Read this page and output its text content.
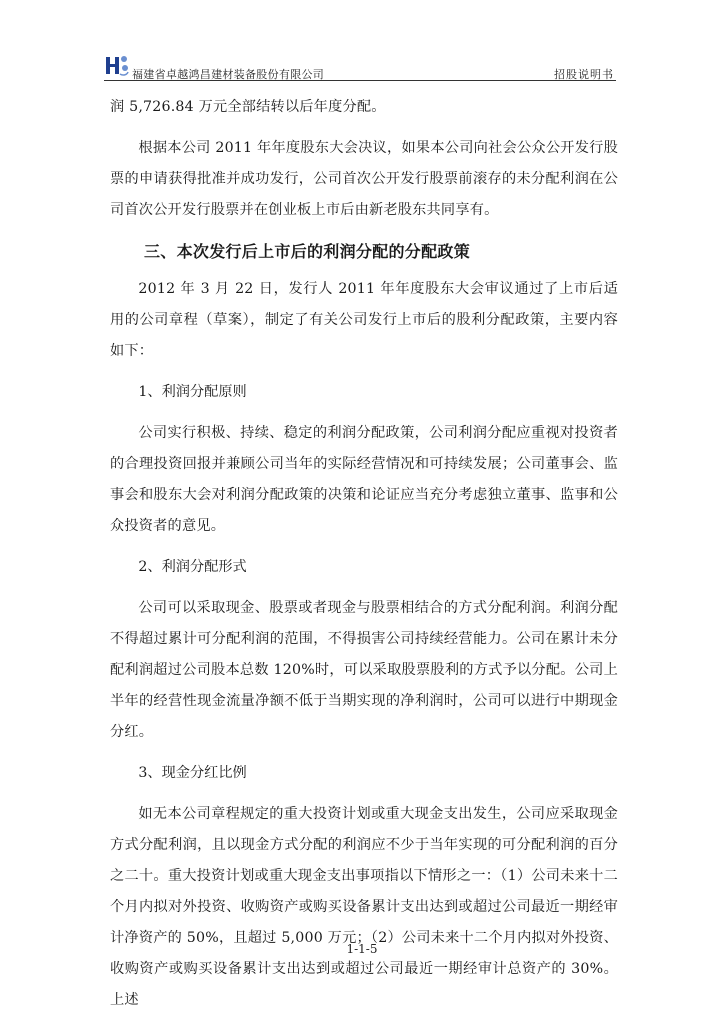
福建省卓越鸿昌建材装备股份有限公司	招股说明书

润 5,726.84 万元全部结转以后年度分配。

根据本公司 2011 年年度股东大会决议，如果本公司向社会公众公开发行股票的申请获得批准并成功发行，公司首次公开发行股票前滚存的未分配利润在公司首次公开发行股票并在创业板上市后由新老股东共同享有。

三、本次发行后上市后的利润分配的分配政策

2012 年 3 月 22 日，发行人 2011 年年度股东大会审议通过了上市后适用的公司章程（草案），制定了有关公司发行上市后的股利分配政策，主要内容如下：

1、利润分配原则

公司实行积极、持续、稳定的利润分配政策，公司利润分配应重视对投资者的合理投资回报并兼顾公司当年的实际经营情况和可持续发展；公司董事会、监事会和股东大会对利润分配政策的决策和论证应当充分考虑独立董事、监事和公众投资者的意见。

2、利润分配形式

公司可以采取现金、股票或者现金与股票相结合的方式分配利润。利润分配不得超过累计可分配利润的范围，不得损害公司持续经营能力。公司在累计未分配利润超过公司股本总数 120%时，可以采取股票股利的方式予以分配。公司上半年的经营性现金流量净额不低于当期实现的净利润时，公司可以进行中期现金分红。

3、现金分红比例

如无本公司章程规定的重大投资计划或重大现金支出发生，公司应采取现金方式分配利润，且以现金方式分配的利润应不少于当年实现的可分配利润的百分之二十。重大投资计划或重大现金支出事项指以下情形之一：（1）公司未来十二个月内拟对外投资、收购资产或购买设备累计支出达到或超过公司最近一期经审计净资产的 50%，且超过 5,000 万元；（2）公司未来十二个月内拟对外投资、收购资产或购买设备累计支出达到或超过公司最近一期经审计总资产的 30%。上述

1-1-5
